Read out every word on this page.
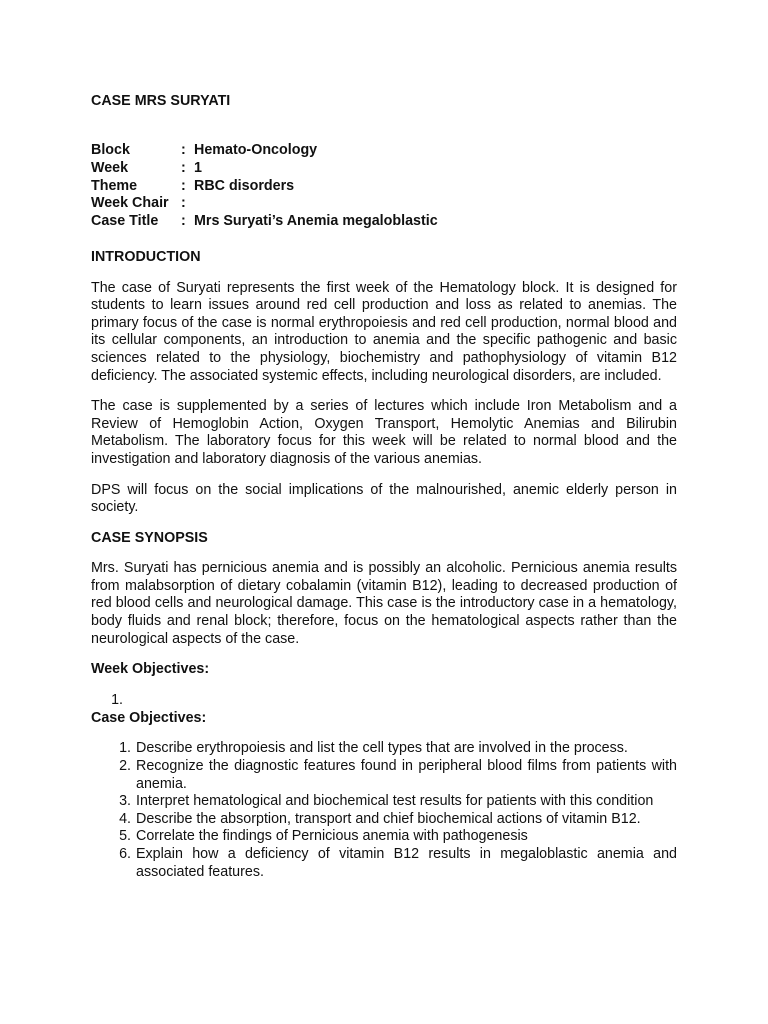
CASE MRS SURYATI
Block	:	Hemato-Oncology
Week	:	1
Theme	:	RBC disorders
Week Chair	:	
Case Title	:	Mrs Suryati’s Anemia megaloblastic
INTRODUCTION

The case of Suryati represents the first week of the Hematology block. It is designed for students to learn issues around red cell production and loss as related to anemias. The primary focus of the case is normal erythropoiesis and red cell production, normal blood and its cellular components, an introduction to anemia and the specific pathogenic and basic sciences related to the physiology, biochemistry and pathophysiology of vitamin B12 deficiency. The associated systemic effects, including neurological disorders, are included.

The case is supplemented by a series of lectures which include Iron Metabolism and a Review of Hemoglobin Action, Oxygen Transport, Hemolytic Anemias and Bilirubin Metabolism. The laboratory focus for this week will be related to normal blood and the investigation and laboratory diagnosis of the various anemias.

DPS will focus on the social implications of the malnourished, anemic elderly person in society.

CASE SYNOPSIS

Mrs. Suryati has pernicious anemia and is possibly an alcoholic. Pernicious anemia results from malabsorption of dietary cobalamin (vitamin B12), leading to decreased production of red blood cells and neurological damage. This case is the introductory case in a hematology, body fluids and renal block; therefore, focus on the hematological aspects rather than the neurological aspects of the case.

Week Objectives:
1.
Case Objectives:
1. Describe erythropoiesis and list the cell types that are involved in the process.
2. Recognize the diagnostic features found in peripheral blood films from patients with anemia.
3. Interpret hematological and biochemical test results for patients with this condition
4. Describe the absorption, transport and chief biochemical actions of vitamin B12.
5. Correlate the findings of Pernicious anemia with pathogenesis
6. Explain how a deficiency of vitamin B12 results in megaloblastic anemia and associated features.
